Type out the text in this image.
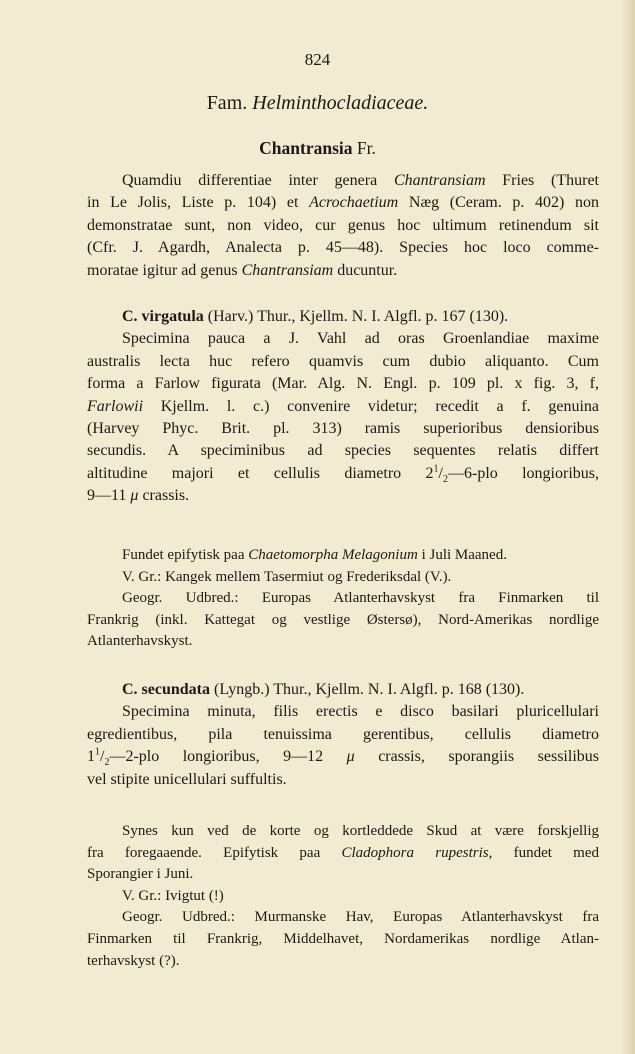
824
Fam. Helminthocladiaceae.
Chantransia Fr.
Quamdiu differentiae inter genera Chantransiam Fries (Thuret
in Le Jolis, Liste p. 104) et Acrochaetium Næg (Ceram. p. 402) non
demonstratae sunt, non video, cur genus hoc ultimum retinendum sit
(Cfr. J. Agardh, Analecta p. 45—48). Species hoc loco comme-
moratae igitur ad genus Chantransiam ducuntur.
C. virgatula (Harv.) Thur., Kjellm. N. I. Algfl. p. 167 (130).
Specimina pauca a J. Vahl ad oras Groenlandiae maxime
australis lecta huc refero quamvis cum dubio aliquanto. Cum
forma a Farlow figurata (Mar. Alg. N. Engl. p. 109 pl. x fig. 3, f,
Farlowii Kjellm. l. c.) convenire videtur; recedit a f. genuina
(Harvey Phyc. Brit. pl. 313) ramis superioribus densioribus
secundis. A speciminibus ad species sequentes relatis differt
altitudine majori et cellulis diametro $2^1/_2—6$-plo longioribus,
9—11 μ crassis.
Fundet epifytisk paa Chaetomorpha Melagonium i Juli Maaned.
V. Gr.: Kangek mellem Tasermiut og Frederiksdal (V.).
Geogr. Udbred.: Europas Atlanterhavskyst fra Finmarken til
Frankrig (inkl. Kattegat og vestlige Østersø), Nord-Amerikas nordlige
Atlanterhavskyst.
C. secundata (Lyngb.) Thur., Kjellm. N. I. Algfl. p. 168 (130).
Specimina minuta, filis erectis e disco basilari pluricellulari
egredientibus, pila tenuissima gerentibus, cellulis diametro
$1^1/_2—2$-plo longioribus, 9—12 μ crassis, sporangiis sessilibus
vel stipite unicellulari suffultis.
Synes kun ved de korte og kortleddede Skud at være forskjellig
fra foregaaende. Epifytisk paa Cladophora rupestris, fundet med
Sporangier i Juni.
V. Gr.: Ivigtut (!)
Geogr. Udbred.: Murmanske Hav, Europas Atlanterhavskyst fra
Finmarken til Frankrig, Middelhavet, Nordamerikas nordlige Atlan-
terhavskyst (?).
